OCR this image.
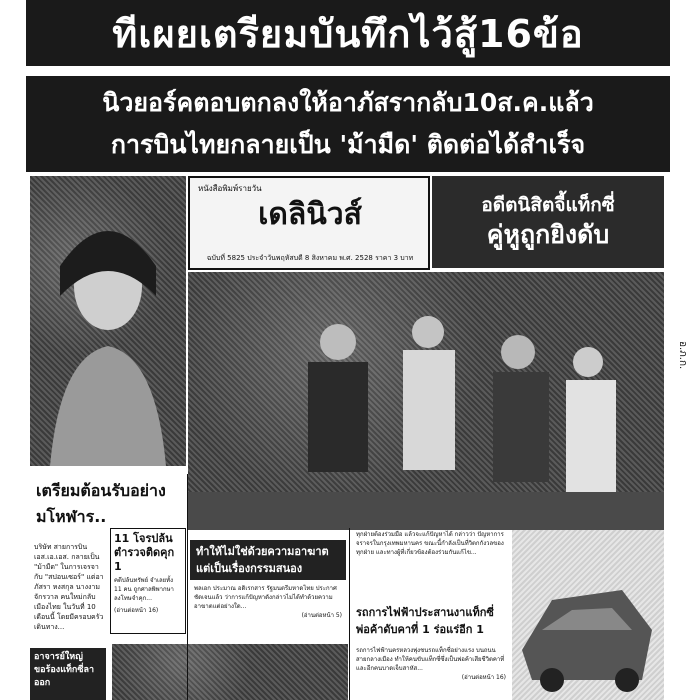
ทีเผยเตรียมบันทึกไว้สู้16ข้อ
นิวยอร์คตอบตกลงให้อาภัสรากลับ10ส.ค.แล้ว
การบินไทยกลายเป็น 'ม้ามืด' ติดต่อได้สำเร็จ
หนังสือพิมพ์รายวัน
เดลินิวส์
ฉบับที่ 5825 ประจำวันพฤหัสบดี 8 สิงหาคม พ.ศ. 2528 ราคา 3 บาท
อดีตนิสิตจี้แท็กซี่
คู่หูถูกยิงดับ
อ.ภ.ก.
เตรียมต้อนรับอย่างมโหฬาร..
บริษัท สายการบิน เอส.เอ.เอส. กลายเป็น "ม้ามืด" ในการเจรจากับ "สปอนเซอร์" แต่อาภัสรา หงสกุล นางงามจักรวาล คนใหม่กลับเมืองไทย ในวันที่ 10 เดือนนี้ โดยมีครอบครัวเดินทาง...
11 โจรปล้นตำรวจติดคุก 1
คดีปล้นทรัพย์ จำเลยทั้ง 11 คน ถูกศาลพิพากษาลงโทษจำคุก...
(อ่านต่อหน้า 16)
ทำให้ไม่ใช่ด้วยความอาฆาตแต่เป็นเรื่องกรรมสนอง
พลเอก ประมาณ อดิเรกสาร รัฐมนตรีมหาดไทย ประกาศชัดเจนแล้ว ว่าการแก้ปัญหาดังกล่าวไม่ได้ทำด้วยความอาฆาตแต่อย่างใด...
(อ่านต่อหน้า 5)
ทุกฝ่ายต้องร่วมมือ แล้วจะแก้ปัญหาได้ กล่าวว่า ปัญหาการจราจรในกรุงเทพมหานคร ขณะนี้กำลังเป็นที่วิตกกังวลของทุกฝ่าย และทางผู้ที่เกี่ยวข้องต้องร่วมกันแก้ไข...
รถการไฟฟ้าประสานงาแท็กซี่พ่อค้าดับคาที่ 1 ร่อแร่อีก 1
รถการไฟฟ้านครหลวงพุ่งชนรถแท็กซี่อย่างแรง บนถนนสายกลางเมือง ทำให้คนขับแท็กซี่ซึ่งเป็นพ่อค้าเสียชีวิตคาที่ และอีกคนบาดเจ็บสาหัส...
(อ่านต่อหน้า 16)
อาจารย์ใหญ่ขอร้องแท็กซี่ลาออก
